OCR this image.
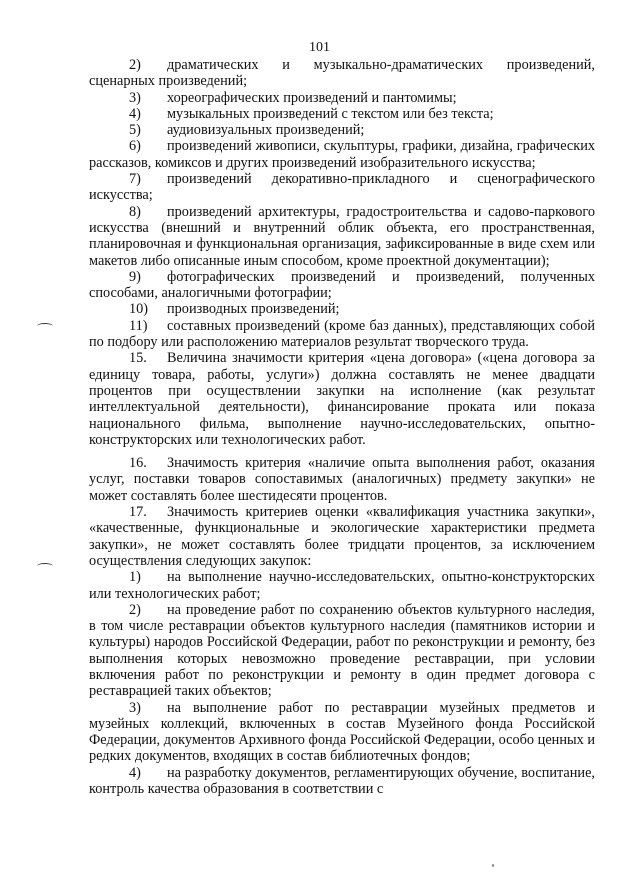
101

2) драматических и музыкально-драматических произведений, сценарных произведений;

3) хореографических произведений и пантомимы;

4) музыкальных произведений с текстом или без текста;

5) аудиовизуальных произведений;

6) произведений живописи, скульптуры, графики, дизайна, графических рассказов, комиксов и других произведений изобразительного искусства;

7) произведений декоративно-прикладного и сценографического искусства;

8) произведений архитектуры, градостроительства и садово-паркового искусства (внешний и внутренний облик объекта, его пространственная, планировочная и функциональная организация, зафиксированные в виде схем или макетов либо описанные иным способом, кроме проектной документации);

9) фотографических произведений и произведений, полученных способами, аналогичными фотографии;

10) производных произведений;

11) составных произведений (кроме баз данных), представляющих собой по подбору или расположению материалов результат творческого труда.

15. Величина значимости критерия «цена договора» («цена договора за единицу товара, работы, услуги») должна составлять не менее двадцати процентов при осуществлении закупки на исполнение (как результат интеллектуальной деятельности), финансирование проката или показа национального фильма, выполнение научно-исследовательских, опытно-конструкторских или технологических работ.

16. Значимость критерия «наличие опыта выполнения работ, оказания услуг, поставки товаров сопоставимых (аналогичных) предмету закупки» не может составлять более шестидесяти процентов.

17. Значимость критериев оценки «квалификация участника закупки», «качественные, функциональные и экологические характеристики предмета закупки», не может составлять более тридцати процентов, за исключением осуществления следующих закупок:

1) на выполнение научно-исследовательских, опытно-конструкторских или технологических работ;

2) на проведение работ по сохранению объектов культурного наследия, в том числе реставрации объектов культурного наследия (памятников истории и культуры) народов Российской Федерации, работ по реконструкции и ремонту, без выполнения которых невозможно проведение реставрации, при условии включения работ по реконструкции и ремонту в один предмет договора с реставрацией таких объектов;

3) на выполнение работ по реставрации музейных предметов и музейных коллекций, включенных в состав Музейного фонда Российской Федерации, документов Архивного фонда Российской Федерации, особо ценных и редких документов, входящих в состав библиотечных фондов;

4) на разработку документов, регламентирующих обучение, воспитание, контроль качества образования в соответствии с
